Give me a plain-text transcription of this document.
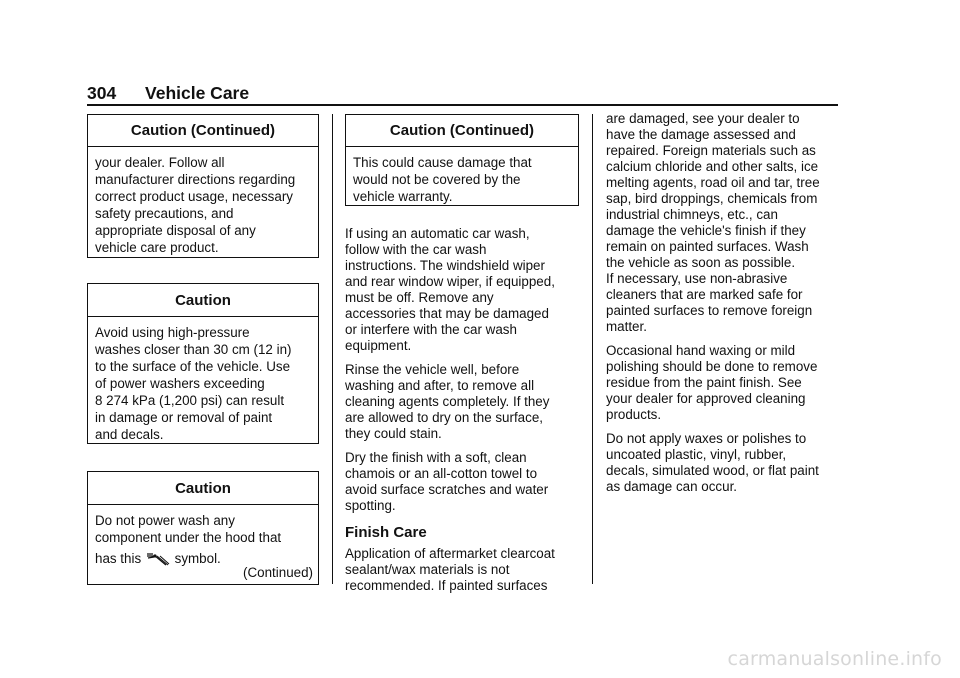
304 Vehicle Care
Caution (Continued)
your dealer. Follow all
manufacturer directions regarding
correct product usage, necessary
safety precautions, and
appropriate disposal of any
vehicle care product.
Caution
Avoid using high-pressure
washes closer than 30 cm (12 in)
to the surface of the vehicle. Use
of power washers exceeding
8 274 kPa (1,200 psi) can result
in damage or removal of paint
and decals.
Caution
Do not power wash any
component under the hood that
has this symbol.
(Continued)
Caution (Continued)
This could cause damage that
would not be covered by the
vehicle warranty.

If using an automatic car wash,
follow with the car wash
instructions. The windshield wiper
and rear window wiper, if equipped,
must be off. Remove any
accessories that may be damaged
or interfere with the car wash
equipment.

Rinse the vehicle well, before
washing and after, to remove all
cleaning agents completely. If they
are allowed to dry on the surface,
they could stain.

Dry the finish with a soft, clean
chamois or an all-cotton towel to
avoid surface scratches and water
spotting.

Finish Care

Application of aftermarket clearcoat
sealant/wax materials is not
recommended. If painted surfaces

are damaged, see your dealer to
have the damage assessed and
repaired. Foreign materials such as
calcium chloride and other salts, ice
melting agents, road oil and tar, tree
sap, bird droppings, chemicals from
industrial chimneys, etc., can
damage the vehicle's finish if they
remain on painted surfaces. Wash
the vehicle as soon as possible.
If necessary, use non-abrasive
cleaners that are marked safe for
painted surfaces to remove foreign
matter.

Occasional hand waxing or mild
polishing should be done to remove
residue from the paint finish. See
your dealer for approved cleaning
products.

Do not apply waxes or polishes to
uncoated plastic, vinyl, rubber,
decals, simulated wood, or flat paint
as damage can occur.

carmanualsonline.info
